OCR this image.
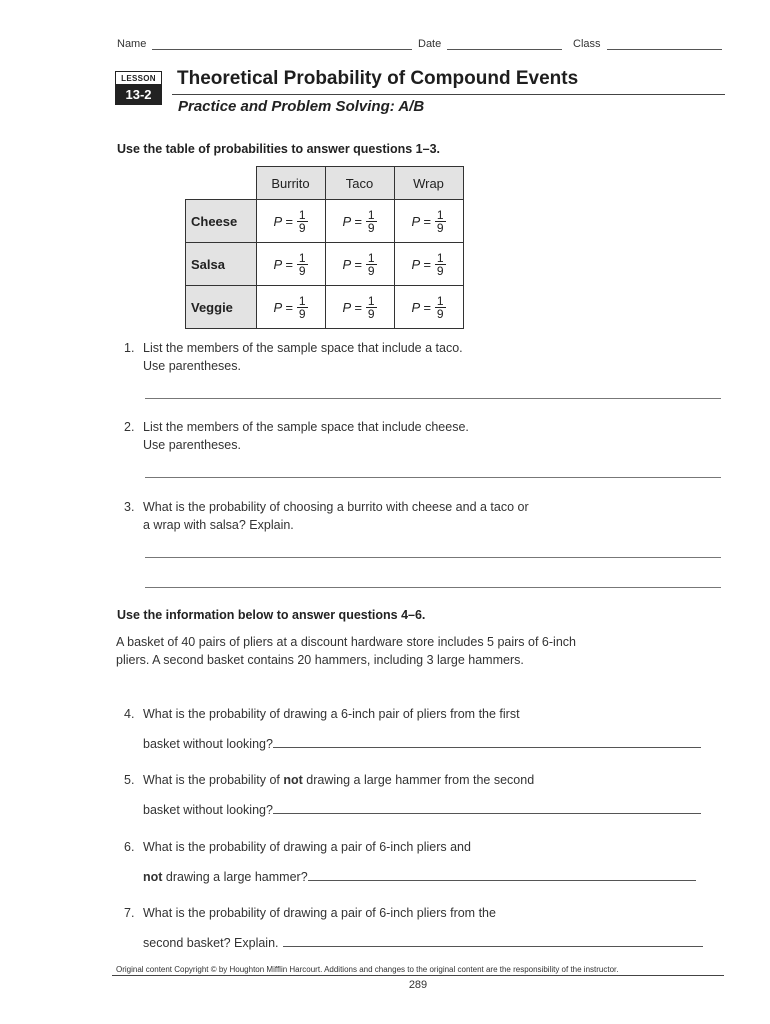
Name	Date	Class
LESSON
13-2
Theoretical Probability of Compound Events
Practice and Problem Solving: A/B
Use the table of probabilities to answer questions 1–3.
	Burrito	Taco	Wrap
Cheese	$P = \frac{1}{9}$	$P = \frac{1}{9}$	$P = \frac{1}{9}$

Salsa	$P = \frac{1}{9}$	$P = \frac{1}{9}$	$P = \frac{1}{9}$

Veggie	$P = \frac{1}{9}$	$P = \frac{1}{9}$	$P = \frac{1}{9}$
1. List the members of the sample space that include a taco.
Use parentheses.
2. List the members of the sample space that include cheese.
Use parentheses.
3. What is the probability of choosing a burrito with cheese and a taco or
a wrap with salsa? Explain.
Use the information below to answer questions 4–6.
A basket of 40 pairs of pliers at a discount hardware store includes 5 pairs of 6-inch pliers. A second basket contains 20 hammers, including 3 large hammers.
4. What is the probability of drawing a 6-inch pair of pliers from the first
basket without looking?
5. What is the probability of not drawing a large hammer from the second
basket without looking?
6. What is the probability of drawing a pair of 6-inch pliers and
not drawing a large hammer?
7. What is the probability of drawing a pair of 6-inch pliers from the
second basket? Explain.
Original content Copyright © by Houghton Mifflin Harcourt. Additions and changes to the original content are the responsibility of the instructor.
289
